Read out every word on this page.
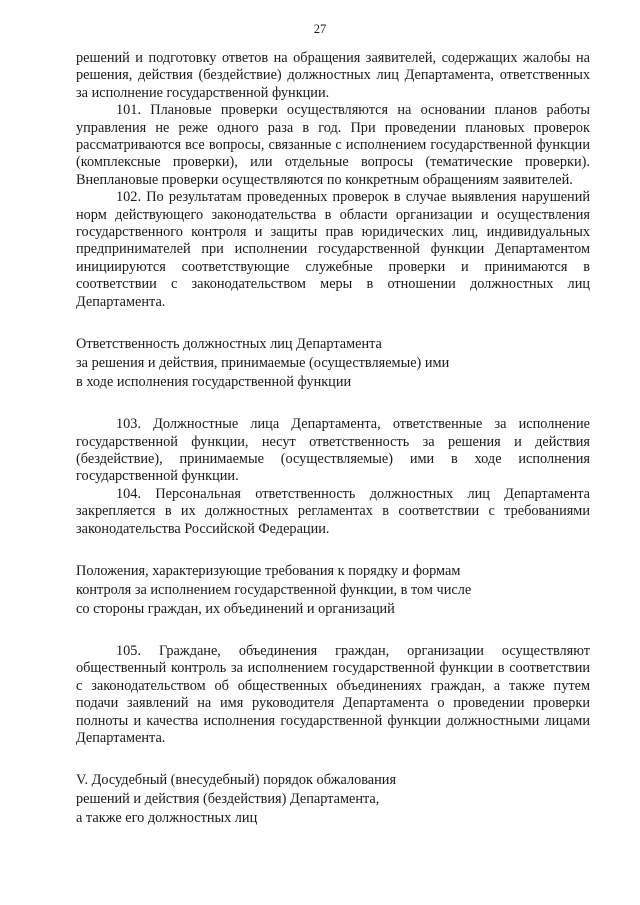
27

решений и подготовку ответов на обращения заявителей, содержащих жалобы на решения, действия (бездействие) должностных лиц Департамента, ответственных за исполнение государственной функции.

101. Плановые проверки осуществляются на основании планов работы управления не реже одного раза в год. При проведении плановых проверок рассматриваются все вопросы, связанные с исполнением государственной функции (комплексные проверки), или отдельные вопросы (тематические проверки). Внеплановые проверки осуществляются по конкретным обращениям заявителей.

102. По результатам проведенных проверок в случае выявления нарушений норм действующего законодательства в области организации и осуществления государственного контроля и защиты прав юридических лиц, индивидуальных предпринимателей при исполнении государственной функции Департаментом инициируются соответствующие служебные проверки и принимаются в соответствии с законодательством меры в отношении должностных лиц Департамента.

Ответственность должностных лиц Департамента

за решения и действия, принимаемые (осуществляемые) ими

в ходе исполнения государственной функции

103. Должностные лица Департамента, ответственные за исполнение государственной функции, несут ответственность за решения и действия (бездействие), принимаемые (осуществляемые) ими в ходе исполнения государственной функции.

104. Персональная ответственность должностных лиц Департамента закрепляется в их должностных регламентах в соответствии с требованиями законодательства Российской Федерации.

Положения, характеризующие требования к порядку и формам

контроля за исполнением государственной функции, в том числе

со стороны граждан, их объединений и организаций

105. Граждане, объединения граждан, организации осуществляют общественный контроль за исполнением государственной функции в соответствии с законодательством об общественных объединениях граждан, а также путем подачи заявлений на имя руководителя Департамента о проведении проверки полноты и качества исполнения государственной функции должностными лицами Департамента.

V. Досудебный (внесудебный) порядок обжалования

решений и действия (бездействия) Департамента,

а также его должностных лиц
